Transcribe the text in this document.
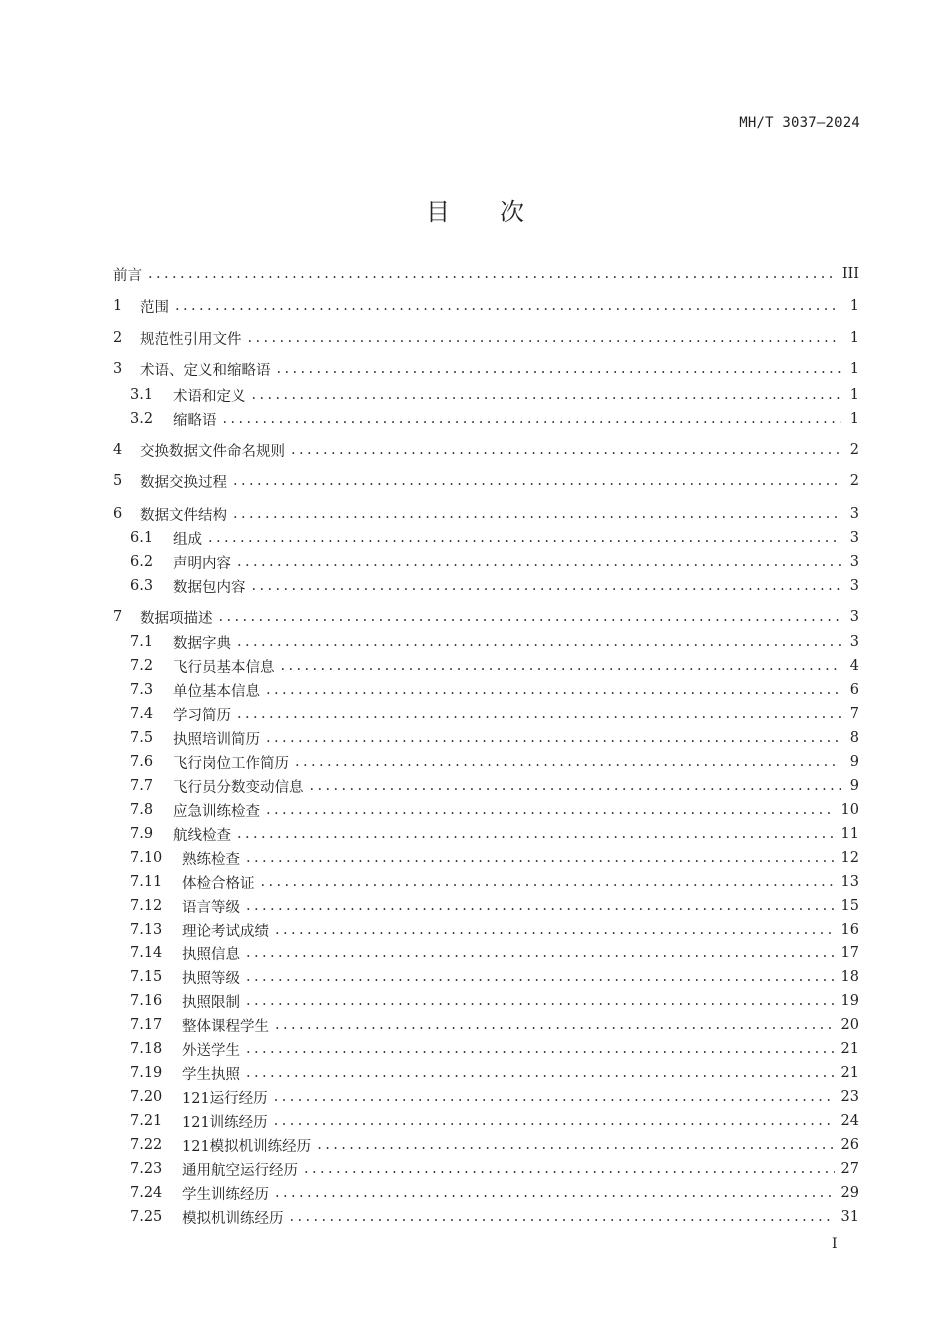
MH/T 3037—2024
目 次
前言 .....	III
1	范围 .....	1
2	规范性引用文件 .....	1
3	术语、定义和缩略语 .....	1
3.1	术语和定义 .....	1
3.2	缩略语 .....	1
4	交换数据文件命名规则 .....	2
5	数据交换过程 .....	2
6	数据文件结构 .....	3
6.1	组成 .....	3
6.2	声明内容 .....	3
6.3	数据包内容 .....	3
7	数据项描述 .....	3
7.1	数据字典 .....	3
7.2	飞行员基本信息 .....	4
7.3	单位基本信息 .....	6
7.4	学习简历 .....	7
7.5	执照培训简历 .....	8
7.6	飞行岗位工作简历 .....	9
7.7	飞行员分数变动信息 .....	9
7.8	应急训练检查 .....	10
7.9	航线检查 .....	11
7.10	熟练检查 .....	12
7.11	体检合格证 .....	13
7.12	语言等级 .....	15
7.13	理论考试成绩 .....	16
7.14	执照信息 .....	17
7.15	执照等级 .....	18
7.16	执照限制 .....	19
7.17	整体课程学生 .....	20
7.18	外送学生 .....	21
7.19	学生执照 .....	21
7.20	121运行经历 .....	23
7.21	121训练经历 .....	24
7.22	121模拟机训练经历 .....	26
7.23	通用航空运行经历 .....	27
7.24	学生训练经历 .....	29
7.25	模拟机训练经历 .....	31
I
